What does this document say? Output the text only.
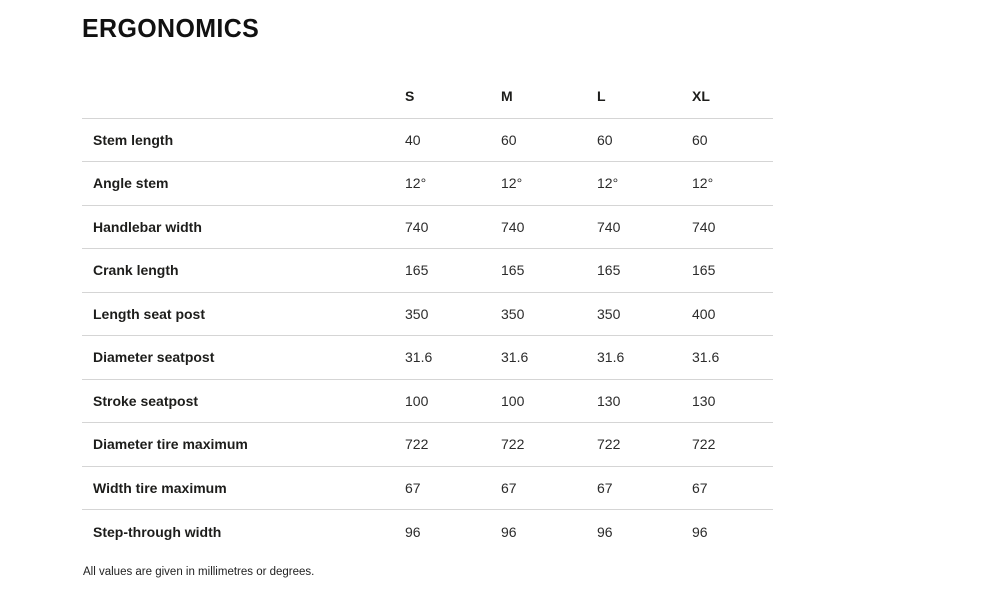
ERGONOMICS
	S	M	L	XL
Stem length	40	60	60	60
Angle stem	12°	12°	12°	12°
Handlebar width	740	740	740	740
Crank length	165	165	165	165
Length seat post	350	350	350	400
Diameter seatpost	31.6	31.6	31.6	31.6
Stroke seatpost	100	100	130	130
Diameter tire maximum	722	722	722	722
Width tire maximum	67	67	67	67
Step-through width	96	96	96	96
All values are given in millimetres or degrees.
